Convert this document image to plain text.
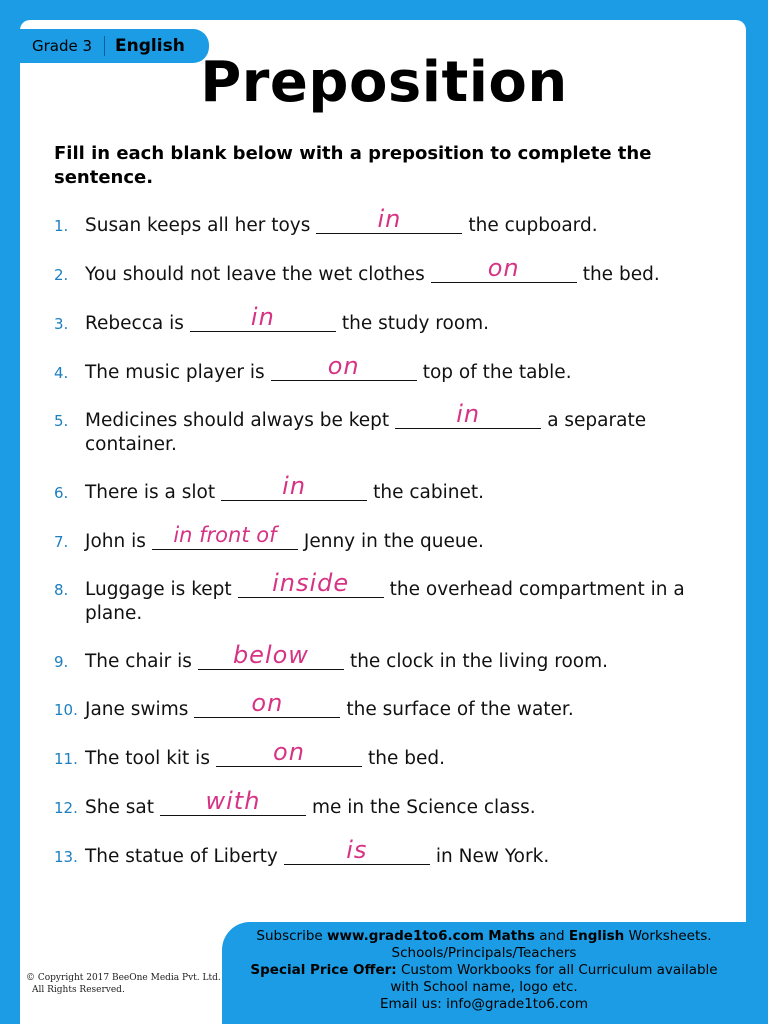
Grade 3 English
Preposition
Fill in each blank below with a preposition to complete the sentence.
1. Susan keeps all her toys	in	the cupboard.
2. You should not leave the wet clothes	on	the bed.
3. Rebecca is	in	the study room.
4. The music player is	on	top of the table.
5. Medicines should always be kept	in	a separate container.
6. There is a slot	in	the cabinet.
7. John is	in front of	Jenny in the queue.
8. Luggage is kept	inside	the overhead compartment in a plane.
9. The chair is	below	the clock in the living room.
10. Jane swims	on	the surface of the water.
11. The tool kit is	on	the bed.
12. She sat	with	me in the Science class.
13. The statue of Liberty	is	in New York.
© Copyright 2017 BeeOne Media Pvt. Ltd.
All Rights Reserved.
Subscribe www.grade1to6.com Maths and English Worksheets.
Schools/Principals/Teachers
Special Price Offer: Custom Workbooks for all Curriculum available
with School name, logo etc.
Email us: info@grade1to6.com
